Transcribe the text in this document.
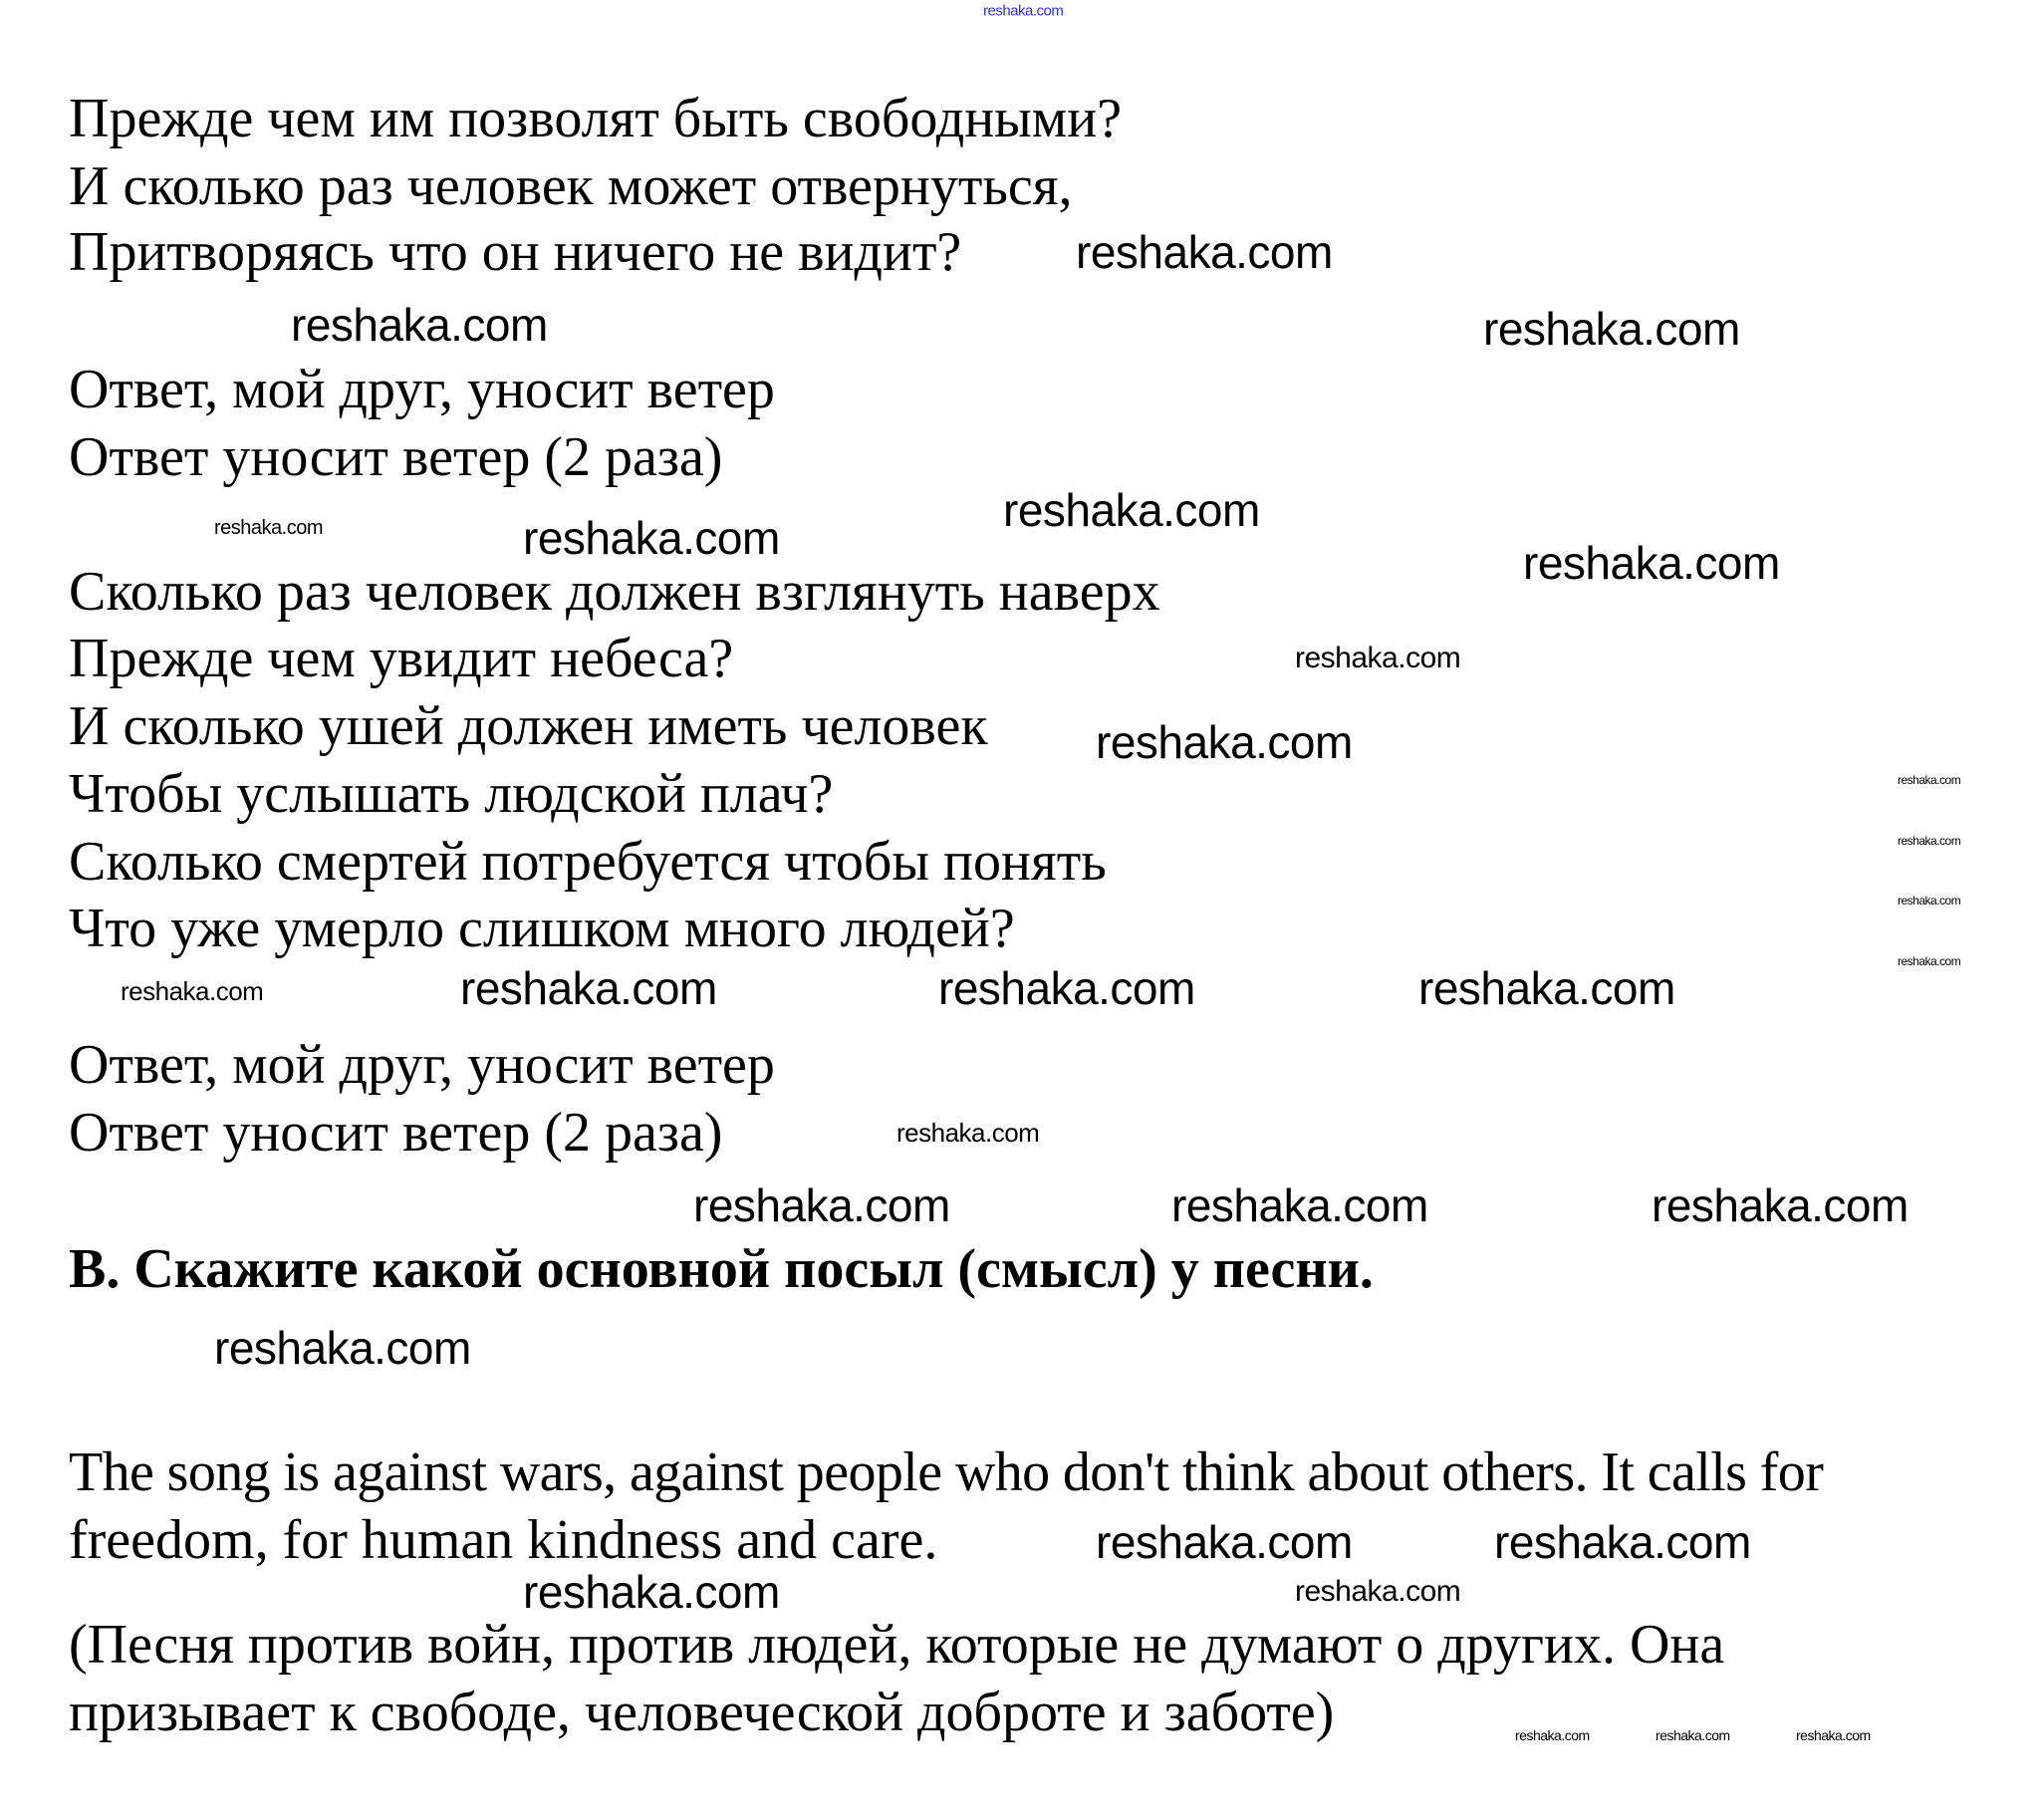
Прежде чем им позволят быть свободными?
И сколько раз человек может отвернуться,
Притворяясь что он ничего не видит?
Ответ, мой друг, уносит ветер
Ответ уносит ветер (2 раза)
Сколько раз человек должен взглянуть наверх
Прежде чем увидит небеса?
И сколько ушей должен иметь человек
Чтобы услышать людской плач?
Сколько смертей потребуется чтобы понять
Что уже умерло слишком много людей?
Ответ, мой друг, уносит ветер
Ответ уносит ветер (2 раза)
B. Скажите какой основной посыл (смысл) у песни.
The song is against wars, against people who don't think about others. It calls for
freedom, for human kindness and care.
(Песня против войн, против людей, которые не думают о других. Она
призывает к свободе, человеческой доброте и заботе)
reshaka.com
reshaka.com
reshaka.com	reshaka.com
reshaka.com
reshaka.com	reshaka.com	reshaka.com
reshaka.com
reshaka.com
reshaka.com
reshaka.com
reshaka.com
reshaka.com
reshaka.com	reshaka.com	reshaka.com
reshaka.com
reshaka.com
reshaka.com	reshaka.com	reshaka.com
reshaka.com
reshaka.com	reshaka.com
reshaka.com	reshaka.com
reshaka.com	reshaka.com	reshaka.com
